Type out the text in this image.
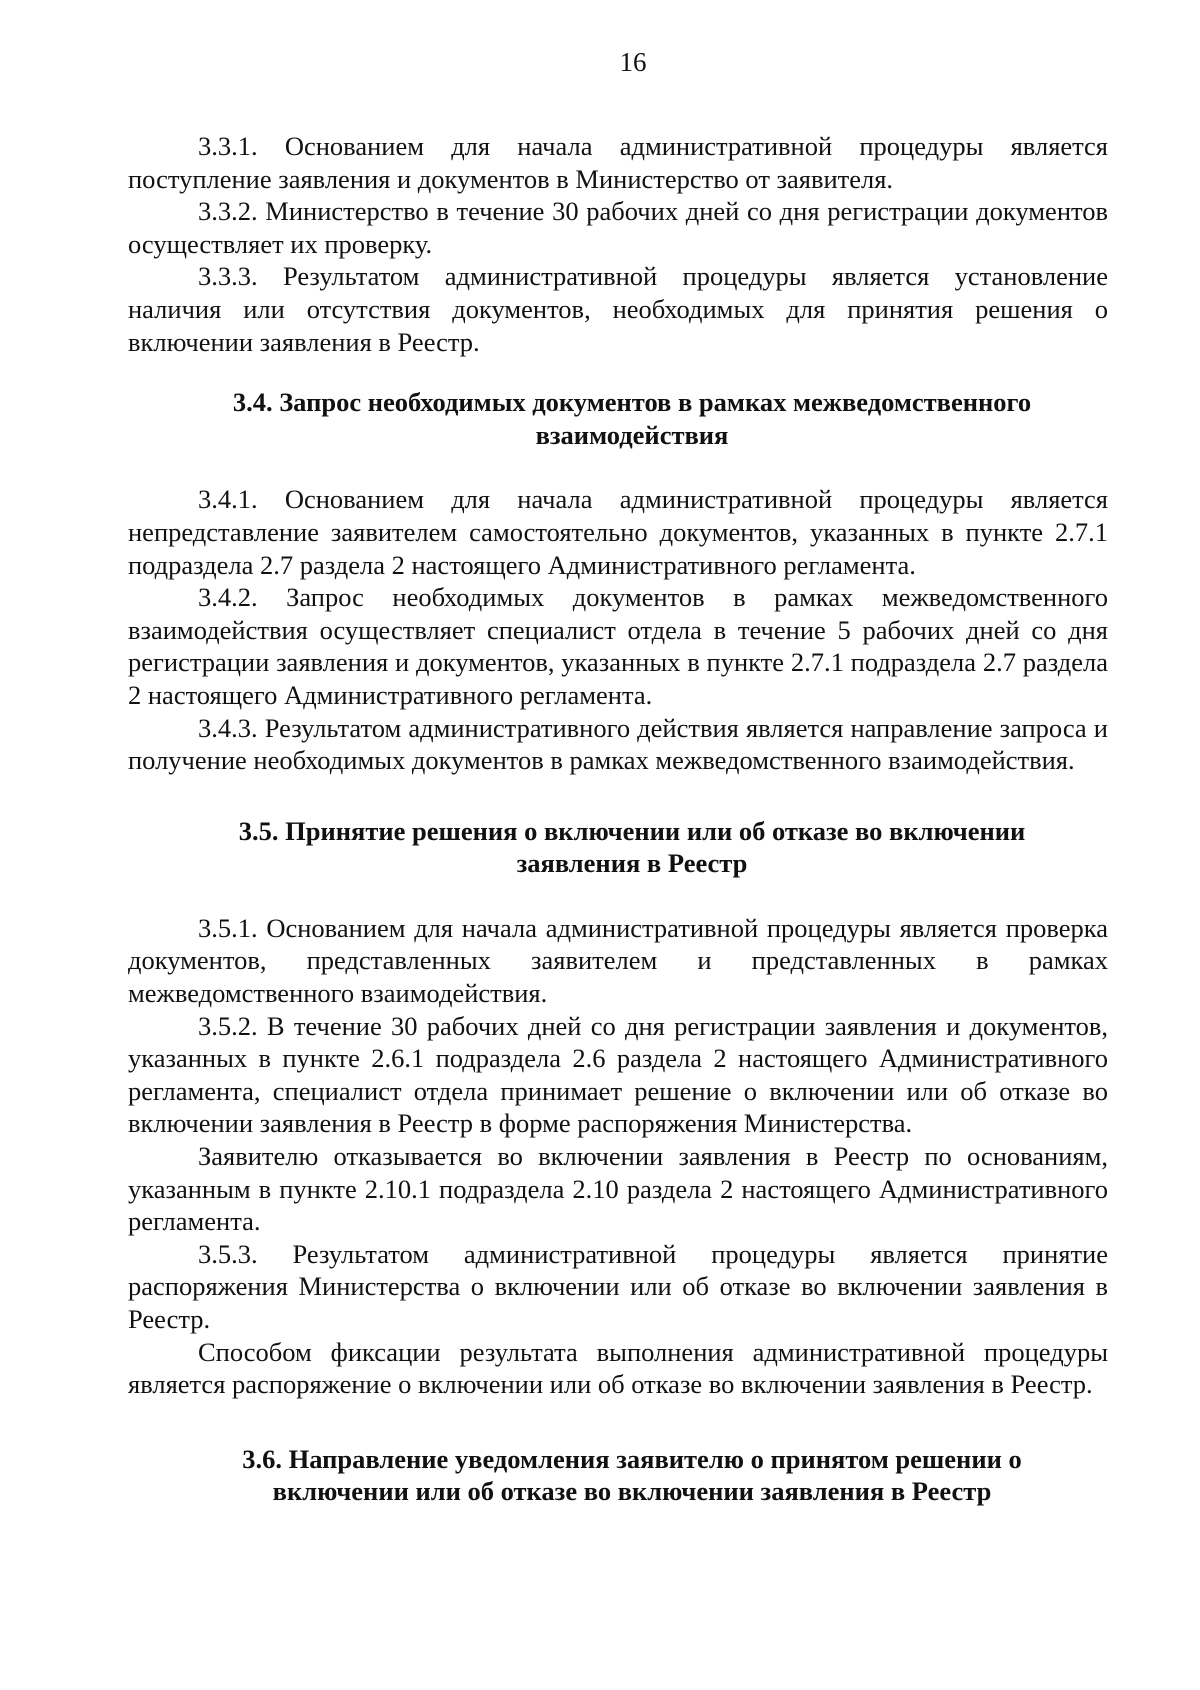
16

3.3.1. Основанием для начала административной процедуры является поступление заявления и документов в Министерство от заявителя.

3.3.2. Министерство в течение 30 рабочих дней со дня регистрации документов осуществляет их проверку.

3.3.3. Результатом административной процедуры является установление наличия или отсутствия документов, необходимых для принятия решения о включении заявления в Реестр.

3.4. Запрос необходимых документов в рамках межведомственного
взаимодействия

3.4.1. Основанием для начала административной процедуры является непредставление заявителем самостоятельно документов, указанных в пункте 2.7.1 подраздела 2.7 раздела 2 настоящего Административного регламента.

3.4.2. Запрос необходимых документов в рамках межведомственного взаимодействия осуществляет специалист отдела в течение 5 рабочих дней со дня регистрации заявления и документов, указанных в пункте 2.7.1 подраздела 2.7 раздела 2 настоящего Административного регламента.

3.4.3. Результатом административного действия является направление запроса и получение необходимых документов в рамках межведомственного взаимодействия.

3.5. Принятие решения о включении или об отказе во включении
заявления в Реестр

3.5.1. Основанием для начала административной процедуры является проверка документов, представленных заявителем и представленных в рамках межведомственного взаимодействия.

3.5.2. В течение 30 рабочих дней со дня регистрации заявления и документов, указанных в пункте 2.6.1 подраздела 2.6 раздела 2 настоящего Административного регламента, специалист отдела принимает решение о включении или об отказе во включении заявления в Реестр в форме распоряжения Министерства.

Заявителю отказывается во включении заявления в Реестр по основаниям, указанным в пункте 2.10.1 подраздела 2.10 раздела 2 настоящего Административного регламента.

3.5.3. Результатом административной процедуры является принятие распоряжения Министерства о включении или об отказе во включении заявления в Реестр.

Способом фиксации результата выполнения административной процедуры является распоряжение о включении или об отказе во включении заявления в Реестр.

3.6. Направление уведомления заявителю о принятом решении о
включении или об отказе во включении заявления в Реестр
